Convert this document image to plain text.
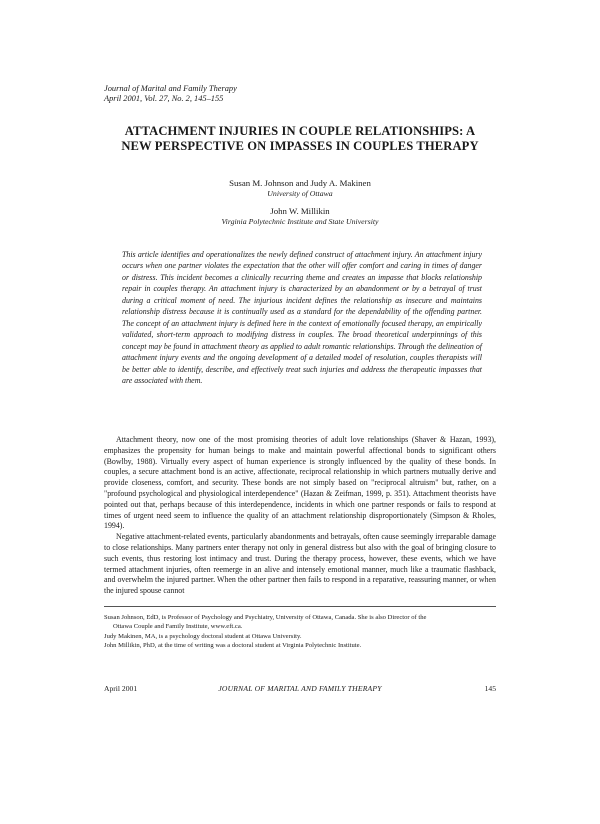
Journal of Marital and Family Therapy
April 2001, Vol. 27, No. 2, 145–155
ATTACHMENT INJURIES IN COUPLE RELATIONSHIPS: A NEW PERSPECTIVE ON IMPASSES IN COUPLES THERAPY
Susan M. Johnson and Judy A. Makinen
University of Ottawa
John W. Millikin
Virginia Polytechnic Institute and State University
This article identifies and operationalizes the newly defined construct of attachment injury. An attachment injury occurs when one partner violates the expectation that the other will offer comfort and caring in times of danger or distress. This incident becomes a clinically recurring theme and creates an impasse that blocks relationship repair in couples therapy. An attachment injury is characterized by an abandonment or by a betrayal of trust during a critical moment of need. The injurious incident defines the relationship as insecure and maintains relationship distress because it is continually used as a standard for the dependability of the offending partner. The concept of an attachment injury is defined here in the context of emotionally focused therapy, an empirically validated, short-term approach to modifying distress in couples. The broad theoretical underpinnings of this concept may be found in attachment theory as applied to adult romantic relationships. Through the delineation of attachment injury events and the ongoing development of a detailed model of resolution, couples therapists will be better able to identify, describe, and effectively treat such injuries and address the therapeutic impasses that are associated with them.

Attachment theory, now one of the most promising theories of adult love relationships (Shaver & Hazan, 1993), emphasizes the propensity for human beings to make and maintain powerful affectional bonds to significant others (Bowlby, 1988). Virtually every aspect of human experience is strongly influenced by the quality of these bonds. In couples, a secure attachment bond is an active, affectionate, reciprocal relationship in which partners mutually derive and provide closeness, comfort, and security. These bonds are not simply based on "reciprocal altruism" but, rather, on a "profound psychological and physiological interdependence" (Hazan & Zeifman, 1999, p. 351). Attachment theorists have pointed out that, perhaps because of this interdependence, incidents in which one partner responds or fails to respond at times of urgent need seem to influence the quality of an attachment relationship disproportionately (Simpson & Rholes, 1994).

Negative attachment-related events, particularly abandonments and betrayals, often cause seemingly irreparable damage to close relationships. Many partners enter therapy not only in general distress but also with the goal of bringing closure to such events, thus restoring lost intimacy and trust. During the therapy process, however, these events, which we have termed attachment injuries, often reemerge in an alive and intensely emotional manner, much like a traumatic flashback, and overwhelm the injured partner. When the other partner then fails to respond in a reparative, reassuring manner, or when the injured spouse cannot

Susan Johnson, EdD, is Professor of Psychology and Psychiatry, University of Ottawa, Canada. She is also Director of the
Ottawa Couple and Family Institute, www.eft.ca.
Judy Makinen, MA, is a psychology doctoral student at Ottawa University.
John Millikin, PhD, at the time of writing was a doctoral student at Virginia Polytechnic Institute.
April 2001	JOURNAL OF MARITAL AND FAMILY THERAPY	145
